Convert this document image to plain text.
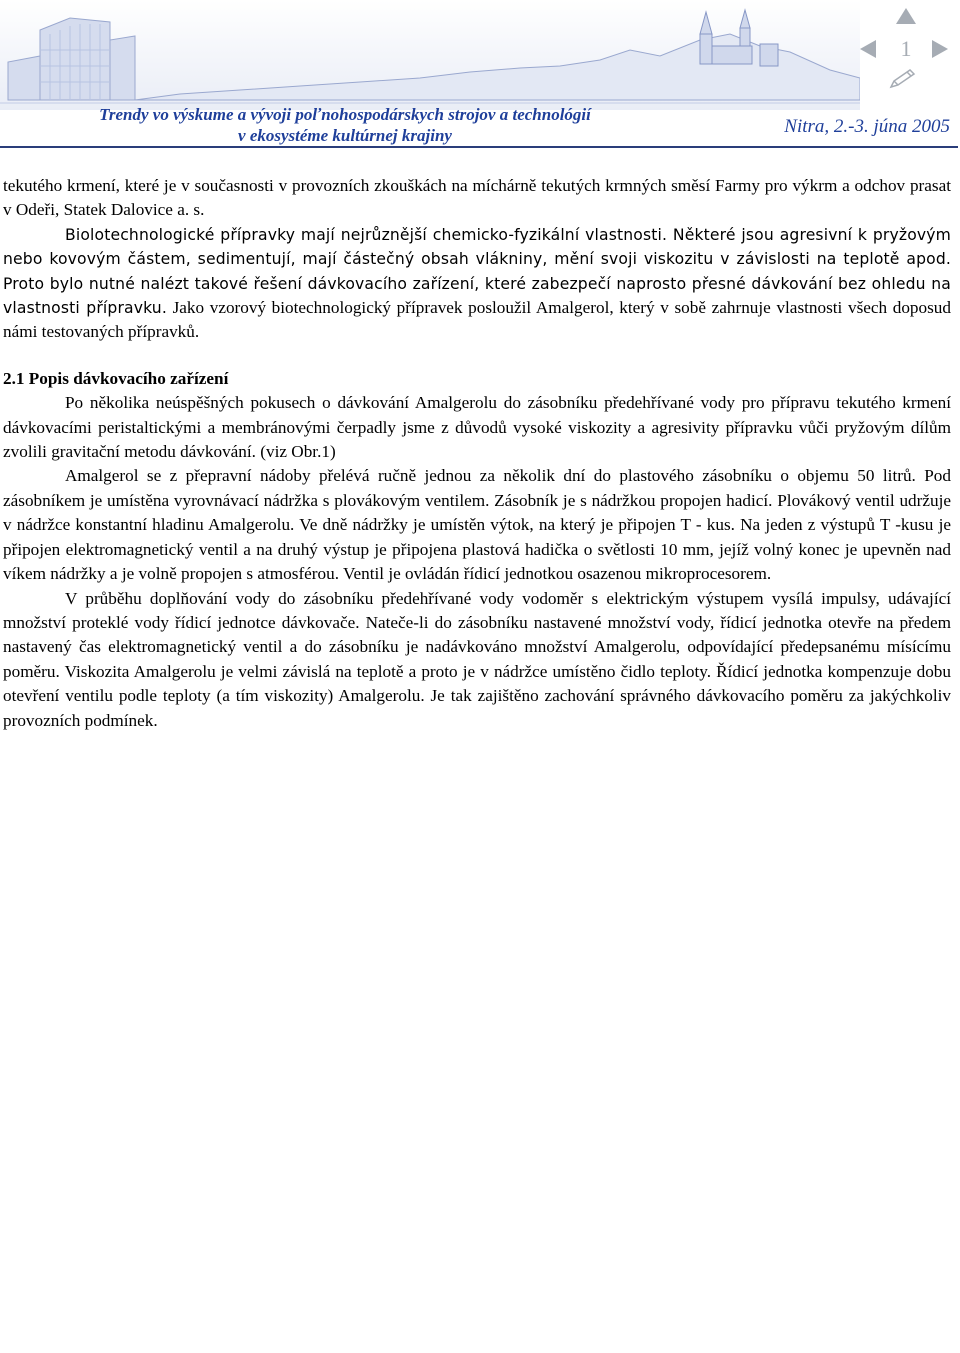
Trendy vo výskume a vývoji poľnohospodárskych strojov a technológií
v ekosystéme kultúrnej krajiny	Nitra, 2.-3. júna 2005
1

tekutého krmení, které je v současnosti v provozních zkouškách na míchárně tekutých krmných směsí Farmy pro výkrm a odchov prasat v Odeři, Statek Dalovice a. s.

Biolotechnologické přípravky mají nejrůznější chemicko-fyzikální vlastnosti. Některé jsou agresivní k pryžovým nebo kovovým částem, sedimentují, mají částečný obsah vlákniny, mění svoji viskozitu v závislosti na teplotě apod. Proto bylo nutné nalézt takové řešení dávkovacího zařízení, které zabezpečí naprosto přesné dávkování bez ohledu na vlastnosti přípravku. Jako vzorový biotechnologický přípravek posloužil Amalgerol, který v sobě zahrnuje vlastnosti všech doposud námi testovaných přípravků.

2.1 Popis dávkovacího zařízení

Po několika neúspěšných pokusech o dávkování Amalgerolu do zásobníku předehřívané vody pro přípravu tekutého krmení dávkovacími peristaltickými a membránovými čerpadly jsme z důvodů vysoké viskozity a agresivity přípravku vůči pryžovým dílům zvolili gravitační metodu dávkování. (viz Obr.1)

Amalgerol se z přepravní nádoby přelévá ručně jednou za několik dní do plastového zásobníku o objemu 50 litrů. Pod zásobníkem je umístěna vyrovnávací nádržka s plovákovým ventilem. Zásobník je s nádržkou propojen hadicí. Plovákový ventil udržuje v nádržce konstantní hladinu Amalgerolu. Ve dně nádržky je umístěn výtok, na který je připojen T - kus. Na jeden z výstupů T -kusu je připojen elektromagnetický ventil a na druhý výstup je připojena plastová hadička o světlosti 10 mm, jejíž volný konec je upevněn nad víkem nádržky a je volně propojen s atmosférou. Ventil je ovládán řídicí jednotkou osazenou mikroprocesorem.

V průběhu doplňování vody do zásobníku předehřívané vody vodoměr s elektrickým výstupem vysílá impulsy, udávající množství proteklé vody řídicí jednotce dávkovače. Nateče-li do zásobníku nastavené množství vody, řídicí jednotka otevře na předem nastavený čas elektromagnetický ventil a do zásobníku je nadávkováno množství Amalgerolu, odpovídající předepsanému mísícímu poměru. Viskozita Amalgerolu je velmi závislá na teplotě a proto je v nádržce umístěno čidlo teploty. Řídicí jednotka kompenzuje dobu otevření ventilu podle teploty (a tím viskozity) Amalgerolu. Je tak zajištěno zachování správného dávkovacího poměru za jakýchkoliv provozních podmínek.
